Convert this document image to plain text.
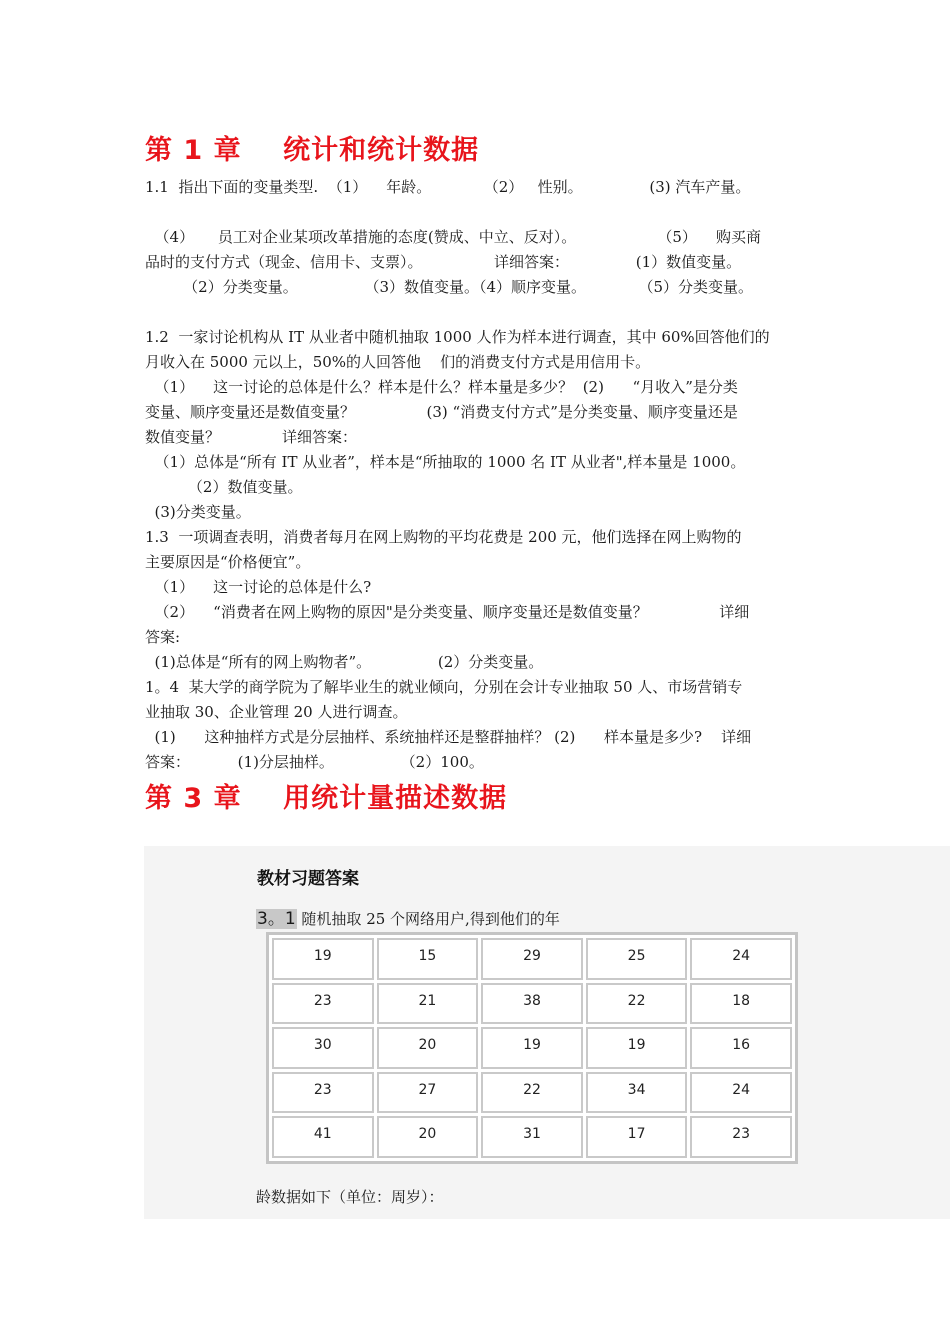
第 1 章    统计和统计数据
1.1  指出下面的变量类型.  （1）    年龄。           （2）   性别。              (3) 汽车产量。
（4）     员工对企业某项改革措施的态度(赞成、中立、反对）。                 （5）    购买商
品时的支付方式（现金、信用卡、支票）。               详细答案：              (1）数值变量。
（2）分类变量。              （3）数值变量。（4）顺序变量。           （5）分类变量。
1.2  一家讨论机构从 IT 从业者中随机抽取 1000 人作为样本进行调查，其中 60%回答他们的
月收入在 5000 元以上，50%的人回答他    们的消费支付方式是用信用卡。
（1）    这一讨论的总体是什么？样本是什么？样本量是多少？  (2)      “月收入”是分类
变量、顺序变量还是数值变量？               (3) “消费支付方式”是分类变量、顺序变量还是
数值变量？             详细答案：
（1）总体是“所有 IT 从业者”，样本是“所抽取的 1000 名 IT 从业者",样本量是 1000。
（2）数值变量。
(3)分类变量。
1.3  一项调查表明，消费者每月在网上购物的平均花费是 200 元，他们选择在网上购物的
主要原因是“价格便宜”。
（1）    这一讨论的总体是什么?
（2）    “消费者在网上购物的原因"是分类变量、顺序变量还是数值变量？               详细
答案:
(1)总体是“所有的网上购物者”。              (2）分类变量。
1。4  某大学的商学院为了解毕业生的就业倾向，分别在会计专业抽取 50 人、市场营销专
业抽取 30、企业管理 20 人进行调查。
(1)      这种抽样方式是分层抽样、系统抽样还是整群抽样？ (2)      样本量是多少?    详细
答案：          (1)分层抽样。              （2）100。
第 3 章    用统计量描述数据
教材习题答案
3。1 随机抽取 25 个网络用户,得到他们的年
19	15	29	25	24
23	21	38	22	18
30	20	19	19	16
23	27	22	34	24
41	20	31	17	23
龄数据如下（单位：周岁）：
